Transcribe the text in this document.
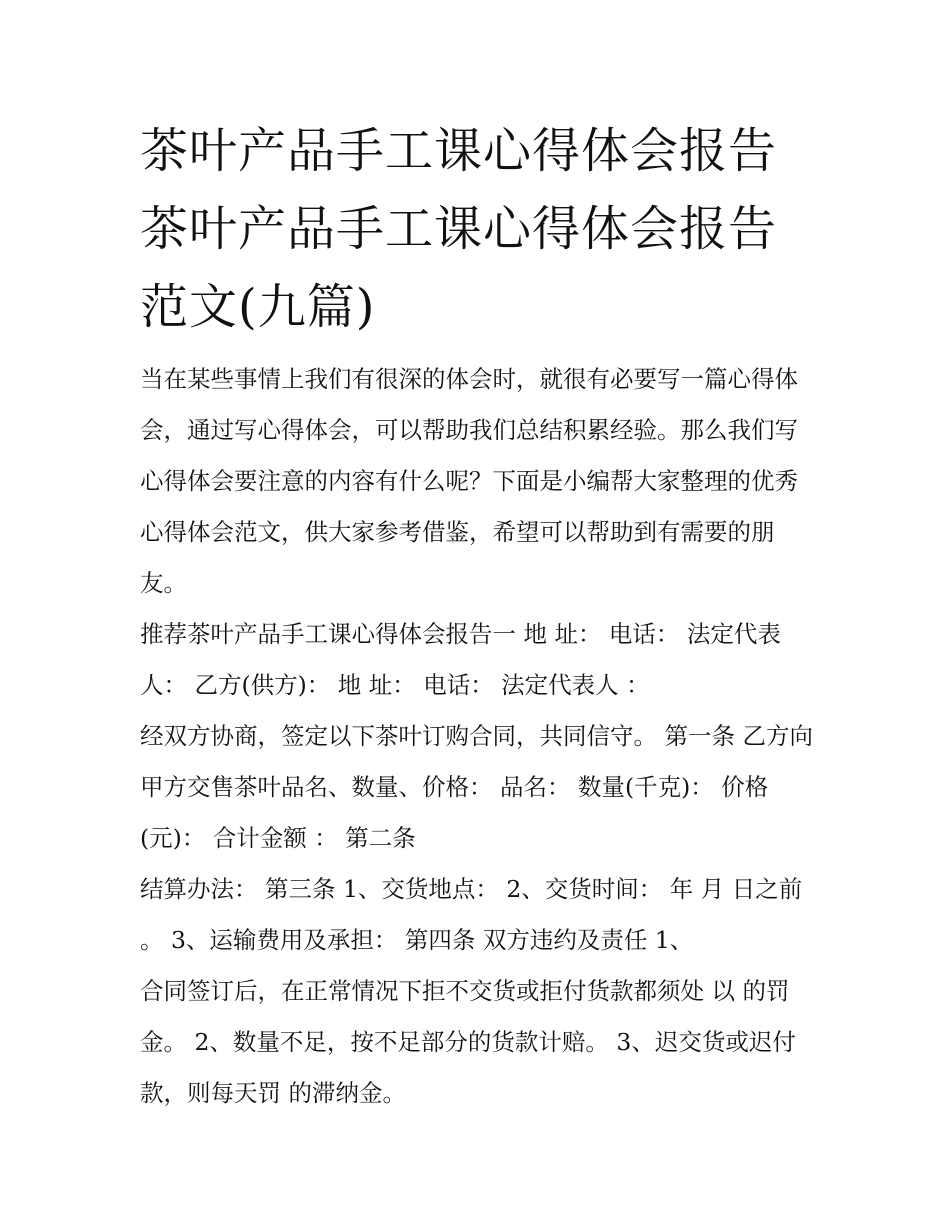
茶叶产品手工课心得体会报告茶叶产品手工课心得体会报告范文(九篇)

当在某些事情上我们有很深的体会时，就很有必要写一篇心得体会，通过写心得体会，可以帮助我们总结积累经验。那么我们写心得体会要注意的内容有什么呢？下面是小编帮大家整理的优秀心得体会范文，供大家参考借鉴，希望可以帮助到有需要的朋友。

推荐茶叶产品手工课心得体会报告一 地 址： 电话： 法定代表人： 乙方(供方)： 地 址： 电话： 法定代表人 ：

经双方协商，签定以下茶叶订购合同，共同信守。 第一条 乙方向甲方交售茶叶品名、数量、价格： 品名： 数量(千克)： 价格(元)： 合计金额 ： 第二条

结算办法： 第三条 1、交货地点： 2、交货时间： 年 月 日之前 。 3、运输费用及承担： 第四条 双方违约及责任 1、

合同签订后，在正常情况下拒不交货或拒付货款都须处 以 的罚金。 2、数量不足，按不足部分的货款计赔。 3、迟交货或迟付款，则每天罚 的滞纳金。
